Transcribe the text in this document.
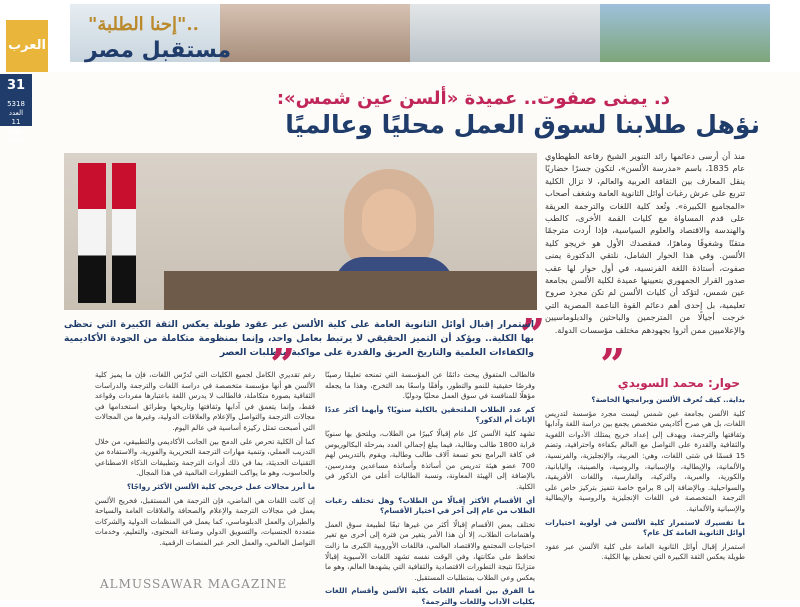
"إحنا الطلبة"..
مستقبل مصر
العرب
31
5318 العدد 11 يوليو 2026
د. يمنى صفوت.. عميدة «ألسن عين شمس»:
نؤهل طلابنا لسوق العمل محليًا وعالميًا
منذ أن أرسى دعائمها رائد التنوير الشيخ رفاعة الطهطاوي عام 1835، باسم «مدرسة الألسن»، لتكون جسرًا حضاريًا ينقل المعارف بين الثقافة العربية والعالم، لا تزال الكلية تتربع على عرش رغبات أوائل الثانوية العامة وشغف أصحاب «المجاميع الكبيرة». وتُعد كلية اللغات والترجمة العريقة على قدم المساواة مع كليات القمة الأخرى، كالطب والهندسة والاقتصاد والعلوم السياسية، فإذا أردت مترجمًا متقنًا وشغوفًا وماهرًا، فمقصدك الأول هو خريجو كلية الألسن. وفي هذا الحوار الشامل، نلتقي الدكتورة يمنى صفوت، أستاذة اللغة الفرنسية، في أول حوار لها عقب صدور القرار الجمهوري بتعيينها عميدة لكلية الألسن بجامعة عين شمس، لتؤكد أن كليات الألسن لم تكن مجرد صروح تعليمية، بل إحدى أهم دعائم القوة الناعمة المصرية التي خرجت أجيالًا من المترجمين والباحثين والدبلوماسيين والإعلاميين ممن أثروا بجهودهم مختلف مؤسسات الدولة.
”
استمرار إقبال أوائل الثانوية العامة على كلية الألسن عبر عقود طويلة يعكس الثقة الكبيرة التي تحظى بها الكلية.. ويؤكد أن التميز الحقيقي لا يرتبط بعامل واحد، وإنما بمنظومة متكاملة من الجودة الأكاديمية والكفاءات العلمية والتاريخ العريق والقدرة على مواكبة متطلبات العصر
”	”
حوار: محمد السويدي

بداية.. كيف تُعرف الألسن وبرامجها الخاصة؟

كلية الألسن بجامعة عين شمس ليست مجرد مؤسسة لتدريس اللغات، بل هي صرح أكاديمي متخصص يجمع بين دراسة اللغة وآدابها وثقافتها والترجمة، ويهدف إلى إعداد خريج يمتلك الأدوات اللغوية والثقافية والقدرة على التواصل مع العالم بكفاءة واحترافية، وتضم 15 قسمًا في شتى اللغات، وهي: العربية، والإنجليزية، والفرنسية، والألمانية، والإيطالية، والإسبانية، والروسية، والصينية، واليابانية، والكورية، والعبرية، والتركية، والفارسية، واللغات الأفريقية، والسواحيلية. وبالإضافة إلى 8 برامج خاصة تتميز بتركيز خاص على الترجمة المتخصصة في اللغات الإنجليزية والروسية والإيطالية والإسبانية والألمانية.

ما تفسيرك لاستمرار كلية الألسن في أولوية اختيارات أوائل الثانوية العامة كل عام؟

استمرار إقبال أوائل الثانوية العامة على كلية الألسن عبر عقود طويلة يعكس الثقة الكبيرة التي تحظى بها الكلية.

فالطالب المتفوق يبحث دائمًا عن المؤسسة التي تمنحه تعليمًا رصينًا وفرصًا حقيقية للنمو والتطور، وأفقًا واسعًا بعد التخرج، وهذا ما يجعله مؤهلًا للمنافسة في سوق العمل محليًا ودوليًا.

كم عدد الطلاب الملتحقين بالكلية سنويًا؟ وأيهما أكثر عددًا الإناث أم الذكور؟

تشهد كلية الألسن كل عام إقبالًا كبيرًا من الطلاب، ويلتحق بها سنويًا قرابة 1800 طالب وطالبة، فيما يبلغ إجمالي العدد بمرحلة البكالوريوس في كافة البرامج نحو تسعة آلاف طالب وطالبة، ويقوم بالتدريس لهم 700 عضو هيئة تدريس من أساتذة وأساتذة مساعدين ومدرسين، بالإضافة إلى الهيئة المعاونة، ونسبة الطالبات أعلى من الذكور في الكلية.

أي الأقسام الأكثر إقبالًا من الطلاب؟ وهل تختلف رغبات الطلاب من عام إلى آخر في اختيار الأقسام؟

تختلف بعض الأقسام إقبالًا أكثر من غيرها تبعًا لطبيعة سوق العمل واهتمامات الطلاب، إلا أن هذا الأمر يتغير من فترة إلى أخرى مع تغير احتياجات المجتمع والاقتصاد العالمي، فاللغات الأوروبية الكبرى ما زالت تحافظ على مكانتها، وفي الوقت نفسه تشهد اللغات الآسيوية إقبالًا متزايدًا نتيجة التطورات الاقتصادية والثقافية التي يشهدها العالم، وهو ما يعكس وعي الطلاب بمتطلبات المستقبل.

ما الفرق بين أقسام اللغات بكلية الألسن وأقسام اللغات بكليات الآداب واللغات والترجمة؟

رغم تقديري الكامل لجميع الكليات التي تُدرّس اللغات، فإن ما يميز كلية الألسن هو أنها مؤسسة متخصصة في دراسة اللغات والترجمة والدراسات الثقافية بصورة متكاملة، فالطالب لا يدرس اللغة باعتبارها مفردات وقواعد فقط، وإنما يتعمق في آدابها وثقافتها وتاريخها وطرائق استخدامها في مجالات الترجمة والتواصل والإعلام والعلاقات الدولية، وغيرها من المجالات التي أصبحت تمثل ركيزة أساسية في عالم اليوم.

كما أن الكلية تحرص على الدمج بين الجانب الأكاديمي والتطبيقي، من خلال التدريب العملي، وتنمية مهارات الترجمة التحريرية والفورية، والاستفادة من التقنيات الحديثة، بما في ذلك أدوات الترجمة وتطبيقات الذكاء الاصطناعي والحاسوب، وهو ما يواكب التطورات العالمية في هذا المجال.

ما أبرز مجالات عمل خريجي كلية الألسن الأكثر رواجًا؟

إن كانت اللغات هي الماضي، فإن الترجمة هي المستقبل، فخريج الألسن يعمل في مجالات الترجمة والإعلام والصحافة والعلاقات العامة والسياحة والطيران والعمل الدبلوماسي، كما يعمل في المنظمات الدولية والشركات متعددة الجنسيات، والتسويق الدولي وصناعة المحتوى، والتعليم، وخدمات التواصل العالمي، والعمل الحر عبر المنصات الرقمية.

ALMUSSAWAR MAGAZINE
